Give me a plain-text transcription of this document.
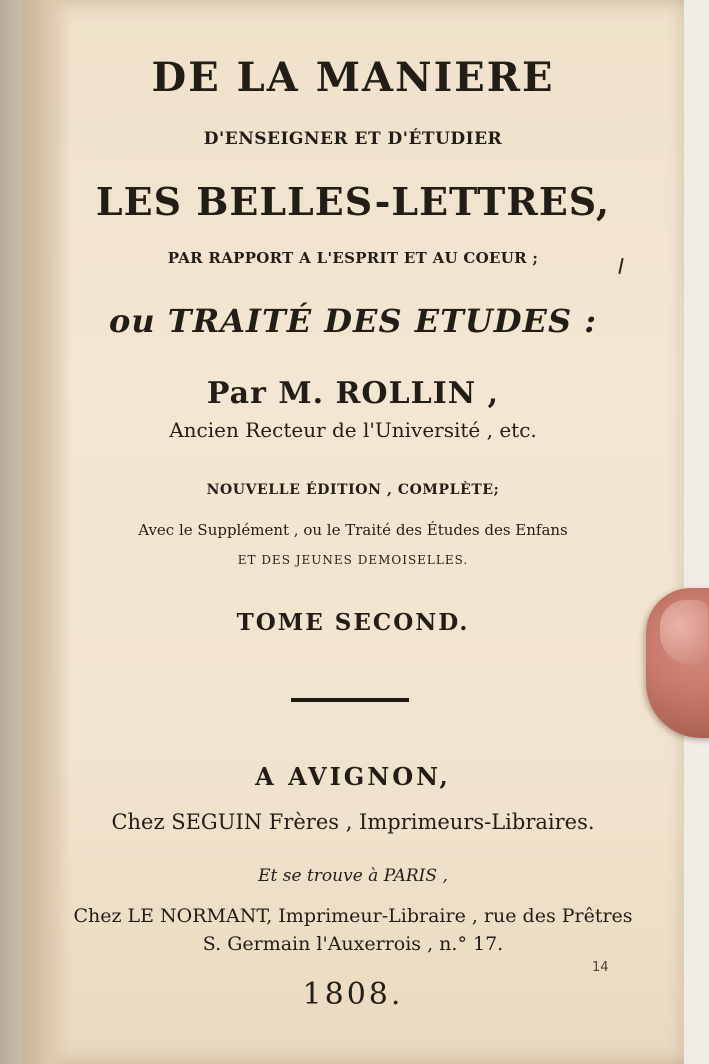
DE LA MANIERE
D'ENSEIGNER ET D'ÉTUDIER
LES BELLES-LETTRES,
PAR RAPPORT A L'ESPRIT ET AU COEUR ;
ou TRAITÉ DES ETUDES :
Par M. ROLLIN ,
Ancien Recteur de l'Université , etc.
NOUVELLE ÉDITION , COMPLÈTE;
Avec le Supplément , ou le Traité des Études des Enfans
ET DES JEUNES DEMOISELLES.
TOME SECOND.
A AVIGNON,
Chez SEGUIN Frères , Imprimeurs-Libraires.
Et se trouve à PARIS ,
Chez LE NORMANT, Imprimeur-Libraire , rue des Prêtres
S. Germain l'Auxerrois , n.° 17.
1808.
14
